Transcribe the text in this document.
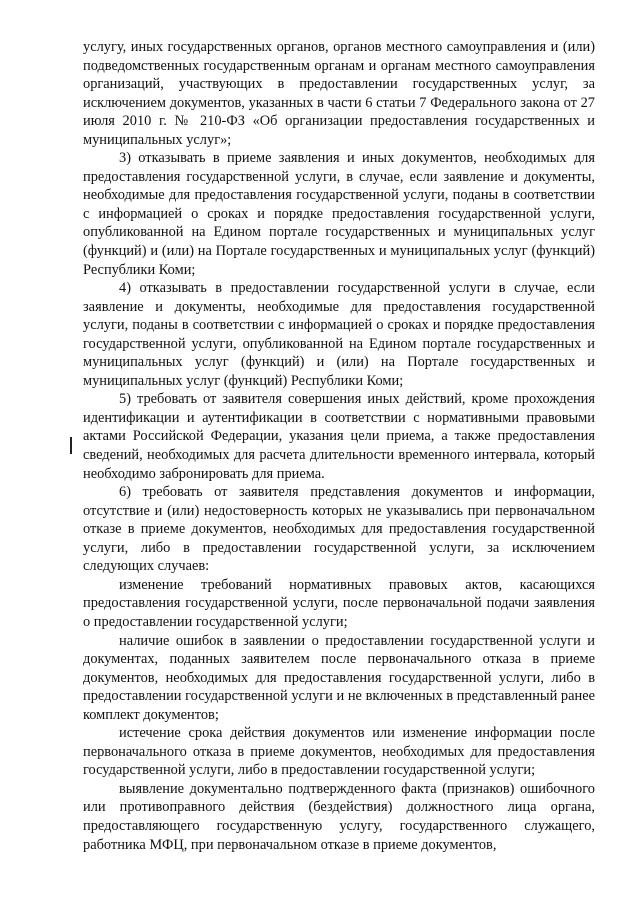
услугу, иных государственных органов, органов местного самоуправления и (или) подведомственных государственным органам и органам местного самоуправления организаций, участвующих в предоставлении государственных услуг, за исключением документов, указанных в части 6 статьи 7 Федерального закона от 27 июля 2010 г. № 210-ФЗ «Об организации предоставления государственных и муниципальных услуг»;

3) отказывать в приеме заявления и иных документов, необходимых для предоставления государственной услуги, в случае, если заявление и документы, необходимые для предоставления государственной услуги, поданы в соответствии с информацией о сроках и порядке предоставления государственной услуги, опубликованной на Едином портале государственных и муниципальных услуг (функций) и (или) на Портале государственных и муниципальных услуг (функций) Республики Коми;

4) отказывать в предоставлении государственной услуги в случае, если заявление и документы, необходимые для предоставления государственной услуги, поданы в соответствии с информацией о сроках и порядке предоставления государственной услуги, опубликованной на Едином портале государственных и муниципальных услуг (функций) и (или) на Портале государственных и муниципальных услуг (функций) Республики Коми;

5) требовать от заявителя совершения иных действий, кроме прохождения идентификации и аутентификации в соответствии с нормативными правовыми актами Российской Федерации, указания цели приема, а также предоставления сведений, необходимых для расчета длительности временного интервала, который необходимо забронировать для приема.

6) требовать от заявителя представления документов и информации, отсутствие и (или) недостоверность которых не указывались при первоначальном отказе в приеме документов, необходимых для предоставления государственной услуги, либо в предоставлении государственной услуги, за исключением следующих случаев:

изменение требований нормативных правовых актов, касающихся предоставления государственной услуги, после первоначальной подачи заявления о предоставлении государственной услуги;

наличие ошибок в заявлении о предоставлении государственной услуги и документах, поданных заявителем после первоначального отказа в приеме документов, необходимых для предоставления государственной услуги, либо в предоставлении государственной услуги и не включенных в представленный ранее комплект документов;

истечение срока действия документов или изменение информации после первоначального отказа в приеме документов, необходимых для предоставления государственной услуги, либо в предоставлении государственной услуги;

выявление документально подтвержденного факта (признаков) ошибочного или противоправного действия (бездействия) должностного лица органа, предоставляющего государственную услугу, государственного служащего, работника МФЦ, при первоначальном отказе в приеме документов,
